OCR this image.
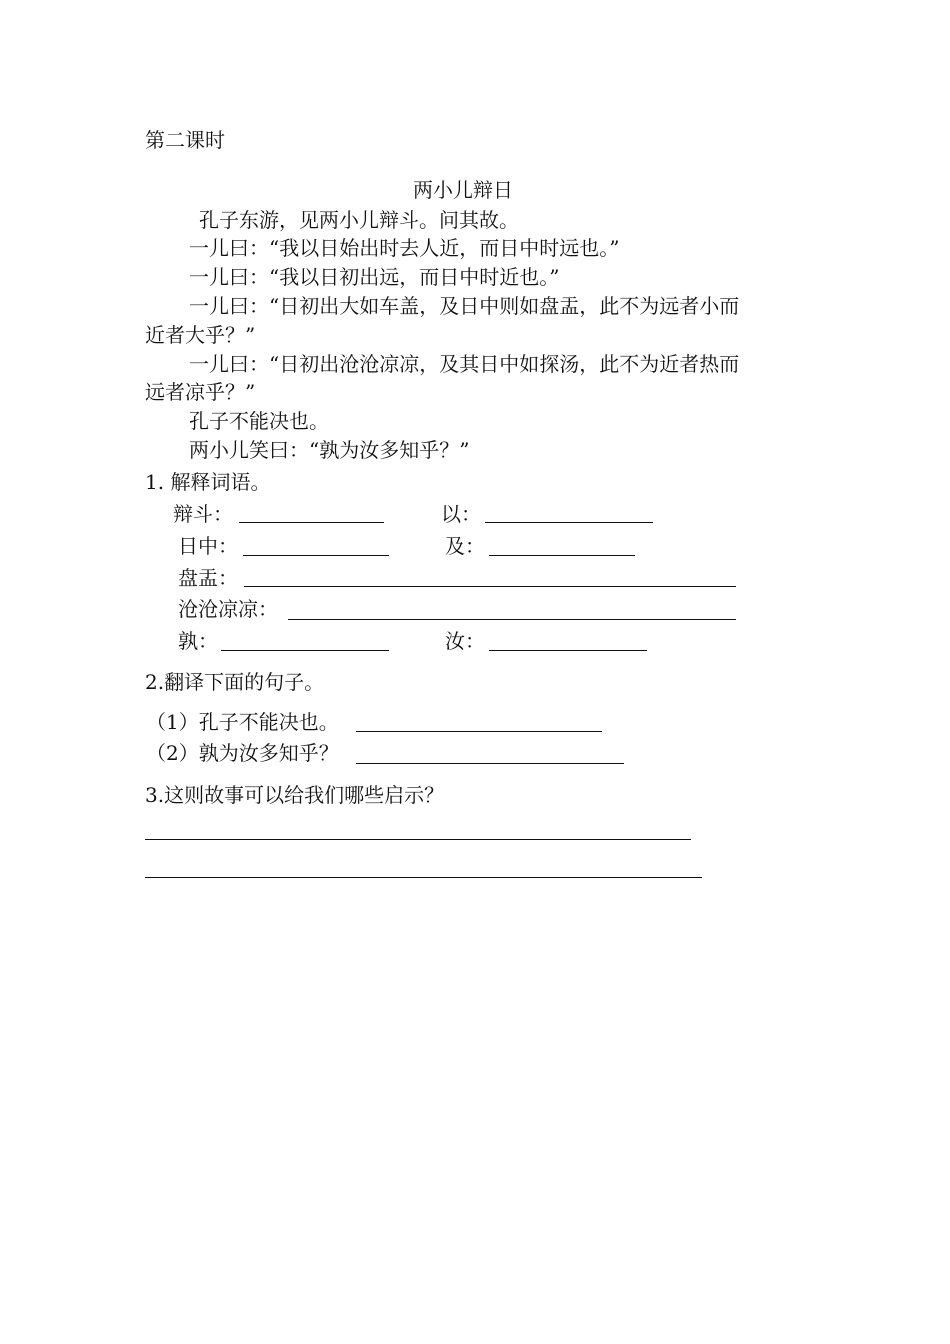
第二课时
两小儿辩日
孔子东游，见两小儿辩斗。问其故。
一儿曰：“我以日始出时去人近，而日中时远也。”
一儿曰：“我以日初出远，而日中时近也。”
一儿曰：“日初出大如车盖，及日中则如盘盂，此不为远者小而
近者大乎？”
一儿曰：“日初出沧沧凉凉，及其日中如探汤，此不为近者热而
远者凉乎？”
孔子不能决也。
两小儿笑曰：“孰为汝多知乎？”
1. 解释词语。
辩斗：	以：
日中：	及：
盘盂：
沧沧凉凉：
孰：	汝：
2.翻译下面的句子。
（1）孔子不能决也。
（2）孰为汝多知乎？
3.这则故事可以给我们哪些启示？
